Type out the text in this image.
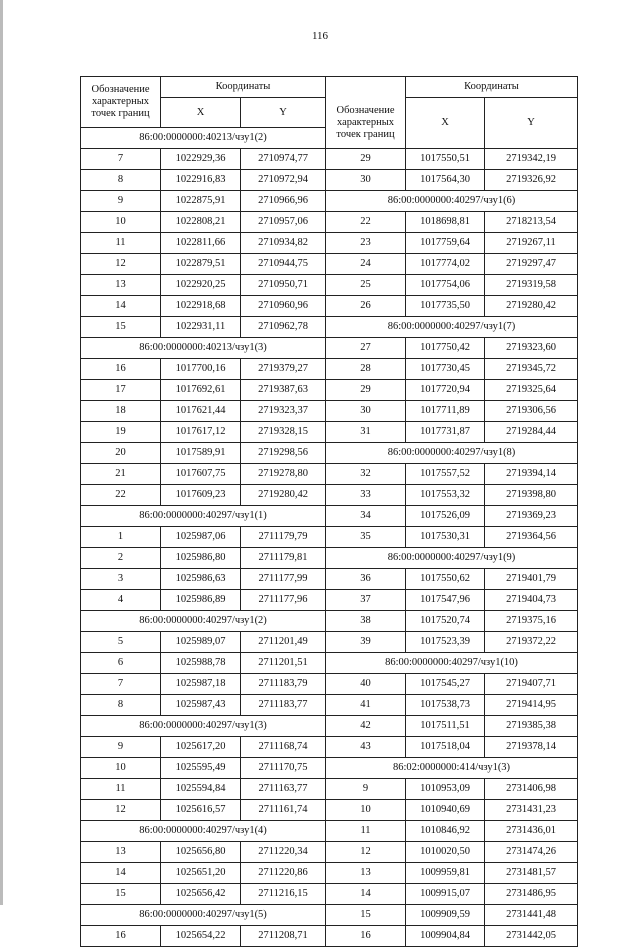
116
Обозначение характерных точек границ	Координаты			Координаты	
	X	Y	Обозначение характерных точек границ	X	Y
86:00:0000000:40213/чзу1(2)					
7	1022929,36	2710974,77	29	1017550,51	2719342,19
8	1022916,83	2710972,94	30	1017564,30	2719326,92
9	1022875,91	2710966,96	86:00:0000000:40297/чзу1(6)		
10	1022808,21	2710957,06	22	1018698,81	2718213,54
11	1022811,66	2710934,82	23	1017759,64	2719267,11
12	1022879,51	2710944,75	24	1017774,02	2719297,47
13	1022920,25	2710950,71	25	1017754,06	2719319,58
14	1022918,68	2710960,96	26	1017735,50	2719280,42
15	1022931,11	2710962,78	86:00:0000000:40297/чзу1(7)		
86:00:0000000:40213/чзу1(3)			27	1017750,42	2719323,60
16	1017700,16	2719379,27	28	1017730,45	2719345,72
17	1017692,61	2719387,63	29	1017720,94	2719325,64
18	1017621,44	2719323,37	30	1017711,89	2719306,56
19	1017617,12	2719328,15	31	1017731,87	2719284,44
20	1017589,91	2719298,56	86:00:0000000:40297/чзу1(8)		
21	1017607,75	2719278,80	32	1017557,52	2719394,14
22	1017609,23	2719280,42	33	1017553,32	2719398,80
86:00:0000000:40297/чзу1(1)			34	1017526,09	2719369,23
1	1025987,06	2711179,79	35	1017530,31	2719364,56
2	1025986,80	2711179,81	86:00:0000000:40297/чзу1(9)		
3	1025986,63	2711177,99	36	1017550,62	2719401,79
4	1025986,89	2711177,96	37	1017547,96	2719404,73
86:00:0000000:40297/чзу1(2)			38	1017520,74	2719375,16
5	1025989,07	2711201,49	39	1017523,39	2719372,22
6	1025988,78	2711201,51	86:00:0000000:40297/чзу1(10)		
7	1025987,18	2711183,79	40	1017545,27	2719407,71
8	1025987,43	2711183,77	41	1017538,73	2719414,95
86:00:0000000:40297/чзу1(3)			42	1017511,51	2719385,38
9	1025617,20	2711168,74	43	1017518,04	2719378,14
10	1025595,49	2711170,75	86:02:0000000:414/чзу1(3)		
11	1025594,84	2711163,77	9	1010953,09	2731406,98
12	1025616,57	2711161,74	10	1010940,69	2731431,23
86:00:0000000:40297/чзу1(4)			11	1010846,92	2731436,01
13	1025656,80	2711220,34	12	1010020,50	2731474,26
14	1025651,20	2711220,86	13	1009959,81	2731481,57
15	1025656,42	2711216,15	14	1009915,07	2731486,95
86:00:0000000:40297/чзу1(5)			15	1009909,59	2731441,48
16	1025654,22	2711208,71	16	1009904,84	2731442,05
